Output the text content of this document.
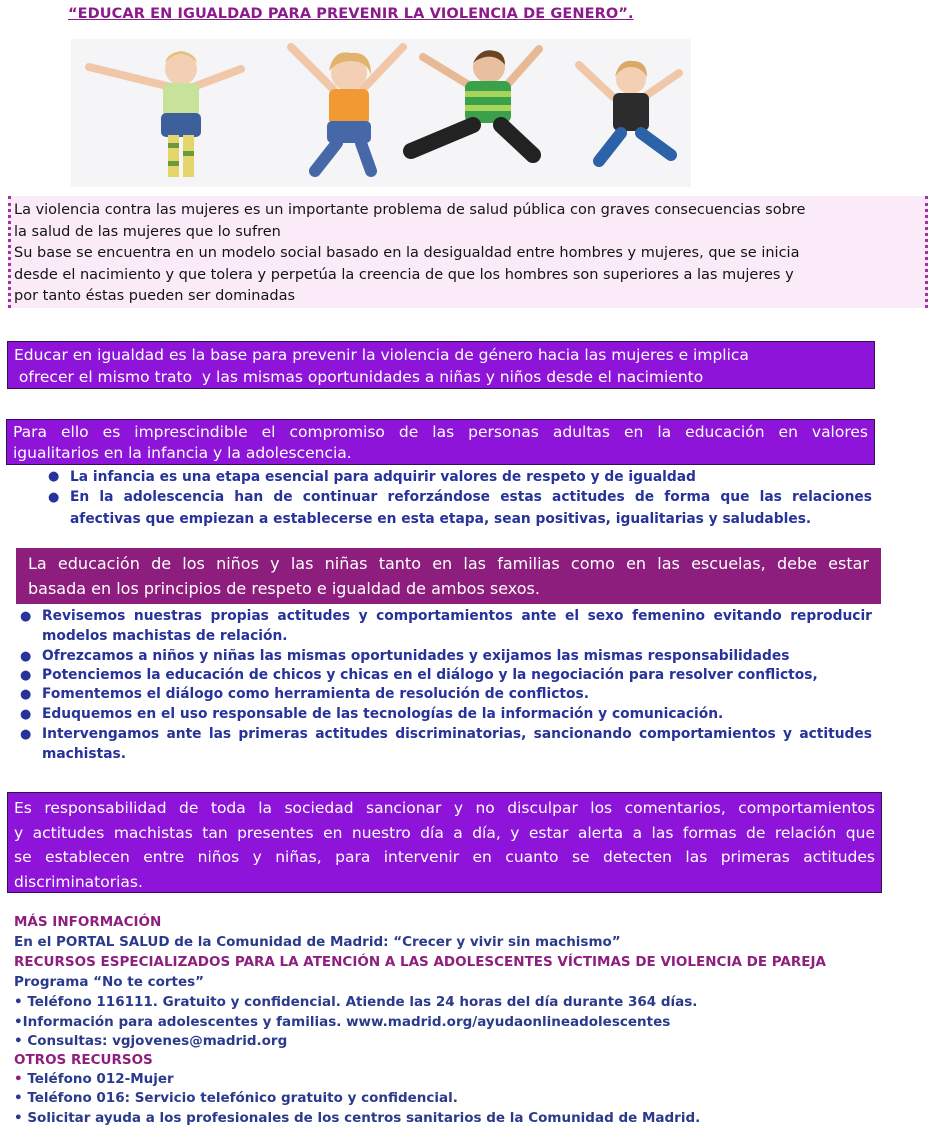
“EDUCAR EN IGUALDAD PARA PREVENIR LA VIOLENCIA DE GENERO”.

La violencia contra las mujeres es un importante problema de salud pública con graves consecuencias sobre

la salud de las mujeres que lo sufren

Su base se encuentra en un modelo social basado en la desigualdad entre hombres y mujeres, que se inicia

desde el nacimiento y que tolera y perpetúa la creencia de que los hombres son superiores a las mujeres y

por tanto éstas pueden ser dominadas

Educar en igualdad es la base para prevenir la violencia de género hacia las mujeres e implica

ofrecer el mismo trato  y las mismas oportunidades a niñas y niños desde el nacimiento

Para ello es imprescindible el compromiso de las personas adultas en la educación en valores

igualitarios en la infancia y la adolescencia.

● La infancia es una etapa esencial para adquirir valores de respeto y de igualdad
● En la adolescencia han de continuar reforzándose estas actitudes de forma que las relaciones
afectivas que empiezan a establecerse en esta etapa, sean positivas, igualitarias y saludables.

La educación de los niños y las niñas tanto en las familias como en las escuelas, debe estar

basada en los principios de respeto e igualdad de ambos sexos.

● Revisemos nuestras propias actitudes y comportamientos ante el sexo femenino evitando reproducir
modelos machistas de relación.
● Ofrezcamos a niños y niñas las mismas oportunidades y exijamos las mismas responsabilidades
● Potenciemos la educación de chicos y chicas en el diálogo y la negociación para resolver conflictos,
● Fomentemos el diálogo como herramienta de resolución de conflictos.
● Eduquemos en el uso responsable de las tecnologías de la información y comunicación.
● Intervengamos ante las primeras actitudes discriminatorias, sancionando comportamientos y actitudes
machistas.

Es responsabilidad de toda la sociedad sancionar y no disculpar los comentarios, comportamientos

y actitudes machistas tan presentes en nuestro día a día, y estar alerta a las formas de relación que

se establecen entre niños y niñas, para intervenir en cuanto se detecten las primeras actitudes

discriminatorias.

MÁS INFORMACIÓN
En el PORTAL SALUD de la Comunidad de Madrid: “Crecer y vivir sin machismo”
RECURSOS ESPECIALIZADOS PARA LA ATENCIÓN A LAS ADOLESCENTES VÍCTIMAS DE VIOLENCIA DE PAREJA
Programa “No te cortes”
• Teléfono 116111. Gratuito y confidencial. Atiende las 24 horas del día durante 364 días.
•Información para adolescentes y familias. www.madrid.org/ayudaonlineadolescentes
• Consultas: vgjovenes@madrid.org
OTROS RECURSOS
• Teléfono 012-Mujer
• Teléfono 016: Servicio telefónico gratuito y confidencial.
• Solicitar ayuda a los profesionales de los centros sanitarios de la Comunidad de Madrid.
